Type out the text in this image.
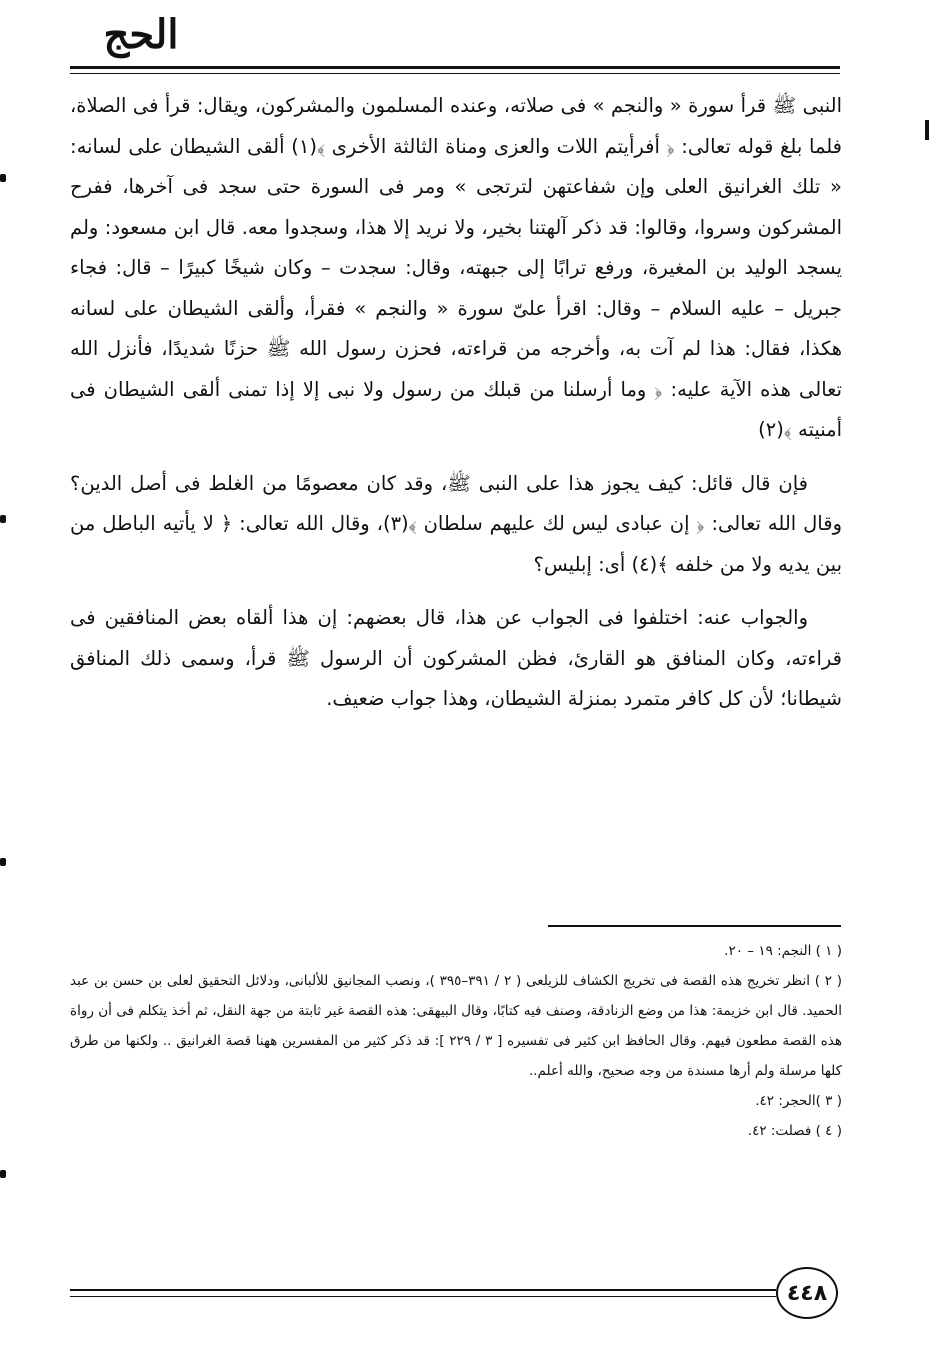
الحج

النبى ﷺ قرأ سورة « والنجم » فى صلاته، وعنده المسلمون والمشركون، ويقال: قرأ فى الصلاة، فلما بلغ قوله تعالى: ﴿ أفرأيتم اللات والعزى ومناة الثالثة الأخرى ﴾(١) ألقى الشيطان على لسانه: « تلك الغرانيق العلى وإن شفاعتهن لترتجى » ومر فى السورة حتى سجد فى آخرها، ففرح المشركون وسروا، وقالوا: قد ذكر آلهتنا بخير، ولا نريد إلا هذا، وسجدوا معه. قال ابن مسعود: ولم يسجد الوليد بن المغيرة، ورفع ترابًا إلى جبهته، وقال: سجدت – وكان شيخًا كبيرًا – قال: فجاء جبريل – عليه السلام – وقال: اقرأ علىّ سورة « والنجم » فقرأ، وألقى الشيطان على لسانه هكذا، فقال: هذا لم آت به، وأخرجه من قراءته، فحزن رسول الله ﷺ حزنًا شديدًا، فأنزل الله تعالى هذه الآية عليه: ﴿ وما أرسلنا من قبلك من رسول ولا نبى إلا إذا تمنى ألقى الشيطان فى أمنيته ﴾(٢)

فإن قال قائل: كيف يجوز هذا على النبى ﷺ، وقد كان معصومًا من الغلط فى أصل الدين؟ وقال الله تعالى: ﴿ إن عبادى ليس لك عليهم سلطان ﴾(٣)، وقال الله تعالى: ﴿ لا يأتيه الباطل من بين يديه ولا من خلفه ﴾(٤) أى: إبليس؟

والجواب عنه: اختلفوا فى الجواب عن هذا، قال بعضهم: إن هذا ألقاه بعض المنافقين فى قراءته، وكان المنافق هو القارئ، فظن المشركون أن الرسول ﷺ قرأ، وسمى ذلك المنافق شيطانا؛ لأن كل كافر متمرد بمنزلة الشيطان، وهذا جواب ضعيف.

( ١ ) النجم: ١٩ – ٢٠.

( ٢ ) انظر تخريج هذه القصة فى تخريج الكشاف للزيلعى ( ٢ / ٣٩١–٣٩٥ )، ونصب المجانيق للألبانى، ودلائل التحقيق لعلى بن حسن بن عبد الحميد. قال ابن خزيمة: هذا من وضع الزنادقة، وصنف فيه كتابًا، وقال البيهقى: هذه القصة غير ثابتة من جهة النقل، ثم أخذ يتكلم فى أن رواة هذه القصة مطعون فيهم. وقال الحافظ ابن كثير فى تفسيره [ ٣ / ٢٢٩ ]: قد ذكر كثير من المفسرين ههنا قصة الغرانيق .. ولكنها من طرق كلها مرسلة ولم أرها مسندة من وجه صحيح، والله أعلم..

( ٣ )الحجر: ٤٢.

( ٤ ) فصلت: ٤٢.

٤٤٨
